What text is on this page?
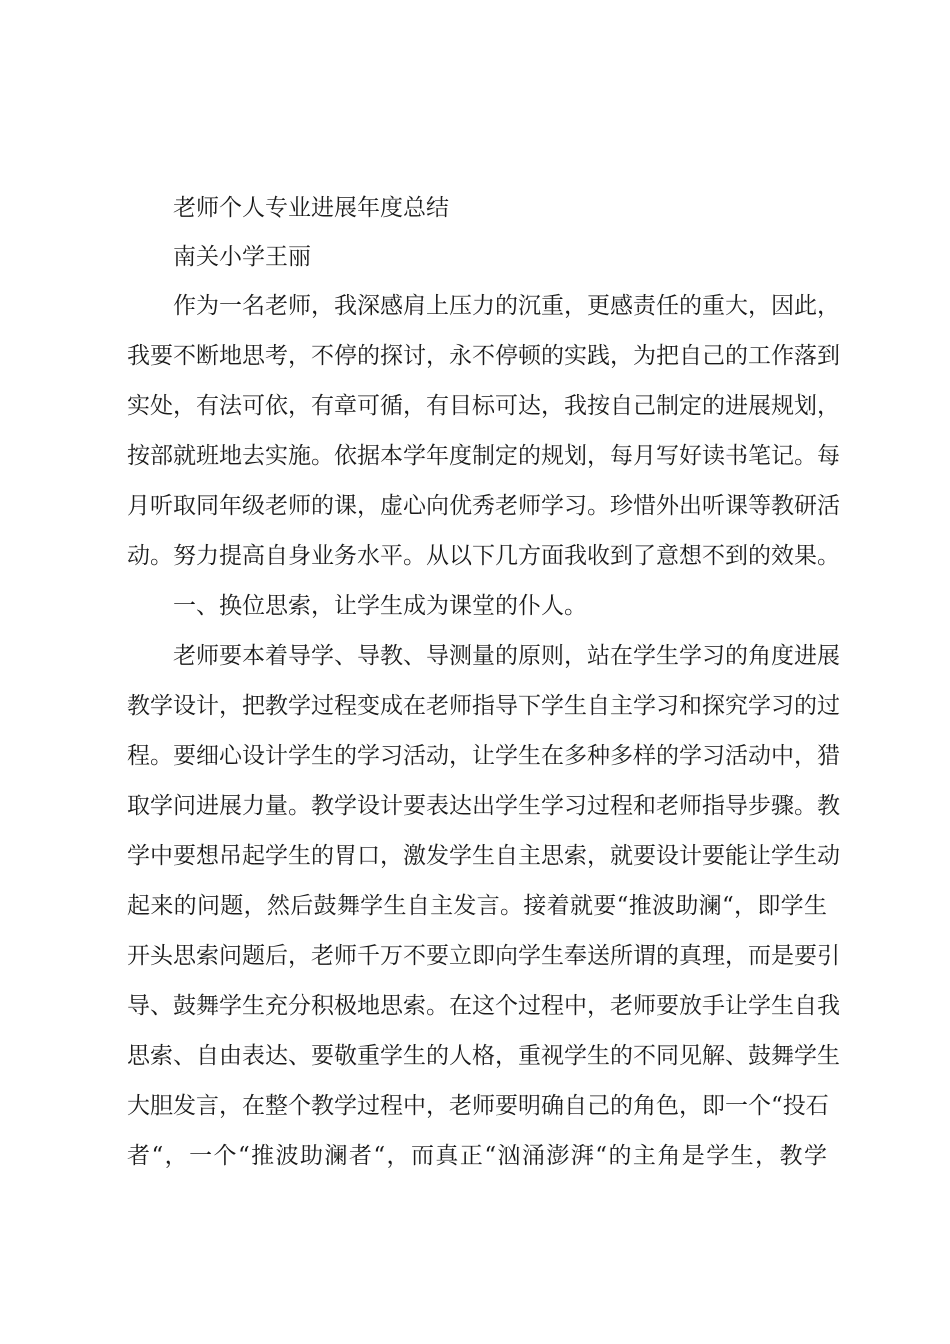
老师个人专业进展年度总结
南关小学王丽
作为一名老师，我深感肩上压力的沉重，更感责任的重大，因此，
我要不断地思考，不停的探讨，永不停顿的实践，为把自己的工作落到
实处，有法可依，有章可循，有目标可达，我按自己制定的进展规划，
按部就班地去实施。依据本学年度制定的规划，每月写好读书笔记。每
月听取同年级老师的课，虚心向优秀老师学习。珍惜外出听课等教研活
动。努力提高自身业务水平。从以下几方面我收到了意想不到的效果。
一、换位思索，让学生成为课堂的仆人。
老师要本着导学、导教、导测量的原则，站在学生学习的角度进展
教学设计，把教学过程变成在老师指导下学生自主学习和探究学习的过
程。要细心设计学生的学习活动，让学生在多种多样的学习活动中，猎
取学问进展力量。教学设计要表达出学生学习过程和老师指导步骤。教
学中要想吊起学生的胃口，激发学生自主思索，就要设计要能让学生动
起来的问题，然后鼓舞学生自主发言。接着就要“推波助澜“，即学生
开头思索问题后，老师千万不要立即向学生奉送所谓的真理，而是要引
导、鼓舞学生充分积极地思索。在这个过程中，老师要放手让学生自我
思索、自由表达、要敬重学生的人格，重视学生的不同见解、鼓舞学生
大胆发言，在整个教学过程中，老师要明确自己的角色，即一个“投石
者“，一个“推波助澜者“，而真正“汹涌澎湃“的主角是学生，教学
